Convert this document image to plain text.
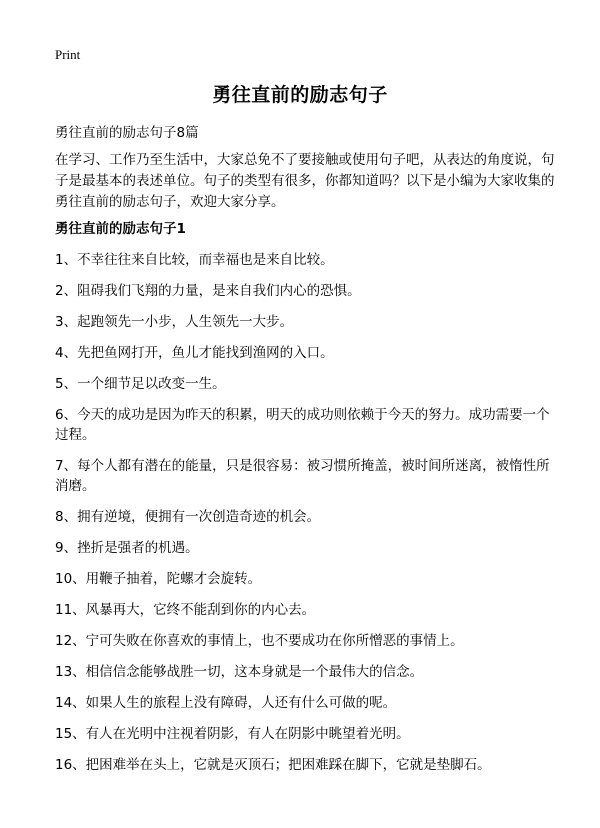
Print
勇往直前的励志句子

勇往直前的励志句子8篇

在学习、工作乃至生活中，大家总免不了要接触或使用句子吧，从表达的角度说，句子是最基本的表述单位。句子的类型有很多，你都知道吗？以下是小编为大家收集的勇往直前的励志句子，欢迎大家分享。

勇往直前的励志句子1
1、不幸往往来自比较，而幸福也是来自比较。
2、阻碍我们飞翔的力量，是来自我们内心的恐惧。
3、起跑领先一小步，人生领先一大步。
4、先把鱼网打开，鱼儿才能找到渔网的入口。
5、一个细节足以改变一生。
6、今天的成功是因为昨天的积累，明天的成功则依赖于今天的努力。成功需要一个过程。
7、每个人都有潜在的能量，只是很容易：被习惯所掩盖，被时间所迷离，被惰性所消磨。
8、拥有逆境，便拥有一次创造奇迹的机会。
9、挫折是强者的机遇。
10、用鞭子抽着，陀螺才会旋转。
11、风暴再大，它终不能刮到你的内心去。
12、宁可失败在你喜欢的事情上，也不要成功在你所憎恶的事情上。
13、相信信念能够战胜一切，这本身就是一个最伟大的信念。
14、如果人生的旅程上没有障碍，人还有什么可做的呢。
15、有人在光明中注视着阴影，有人在阴影中眺望着光明。
16、把困难举在头上，它就是灭顶石；把困难踩在脚下，它就是垫脚石。
